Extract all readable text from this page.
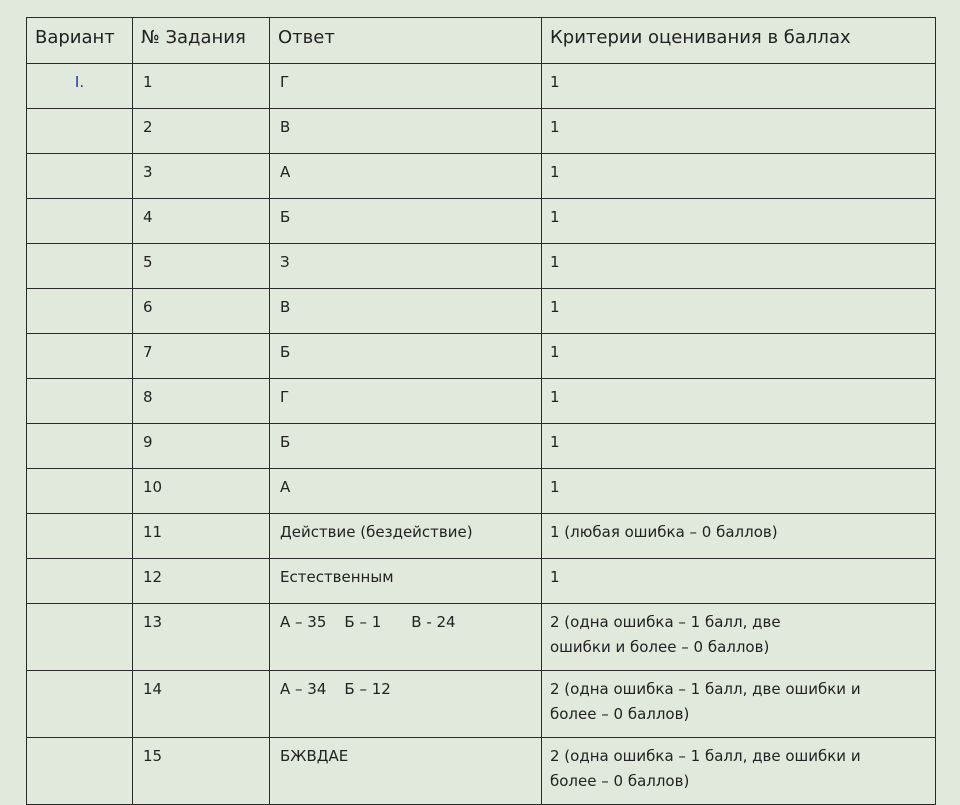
Вариант	№ Задания	Ответ	Критерии оценивания в баллах
I.	1	Г	1
	2	В	1
	3	А	1
	4	Б	1
	5	З	1
	6	В	1
	7	Б	1
	8	Г	1
	9	Б	1
	10	А	1
	11	Действие (бездействие)	1 (любая ошибка – 0 баллов)
	12	Естественным	1
	13	А – 35 Б – 1 В - 24	2 (одна ошибка – 1 балл, две
ошибки и более – 0 баллов)

	14	А – 34 Б – 12	2 (одна ошибка – 1 балл, две ошибки и
более – 0 баллов)

	15	БЖВДАЕ	2 (одна ошибка – 1 балл, две ошибки и
более – 0 баллов)
